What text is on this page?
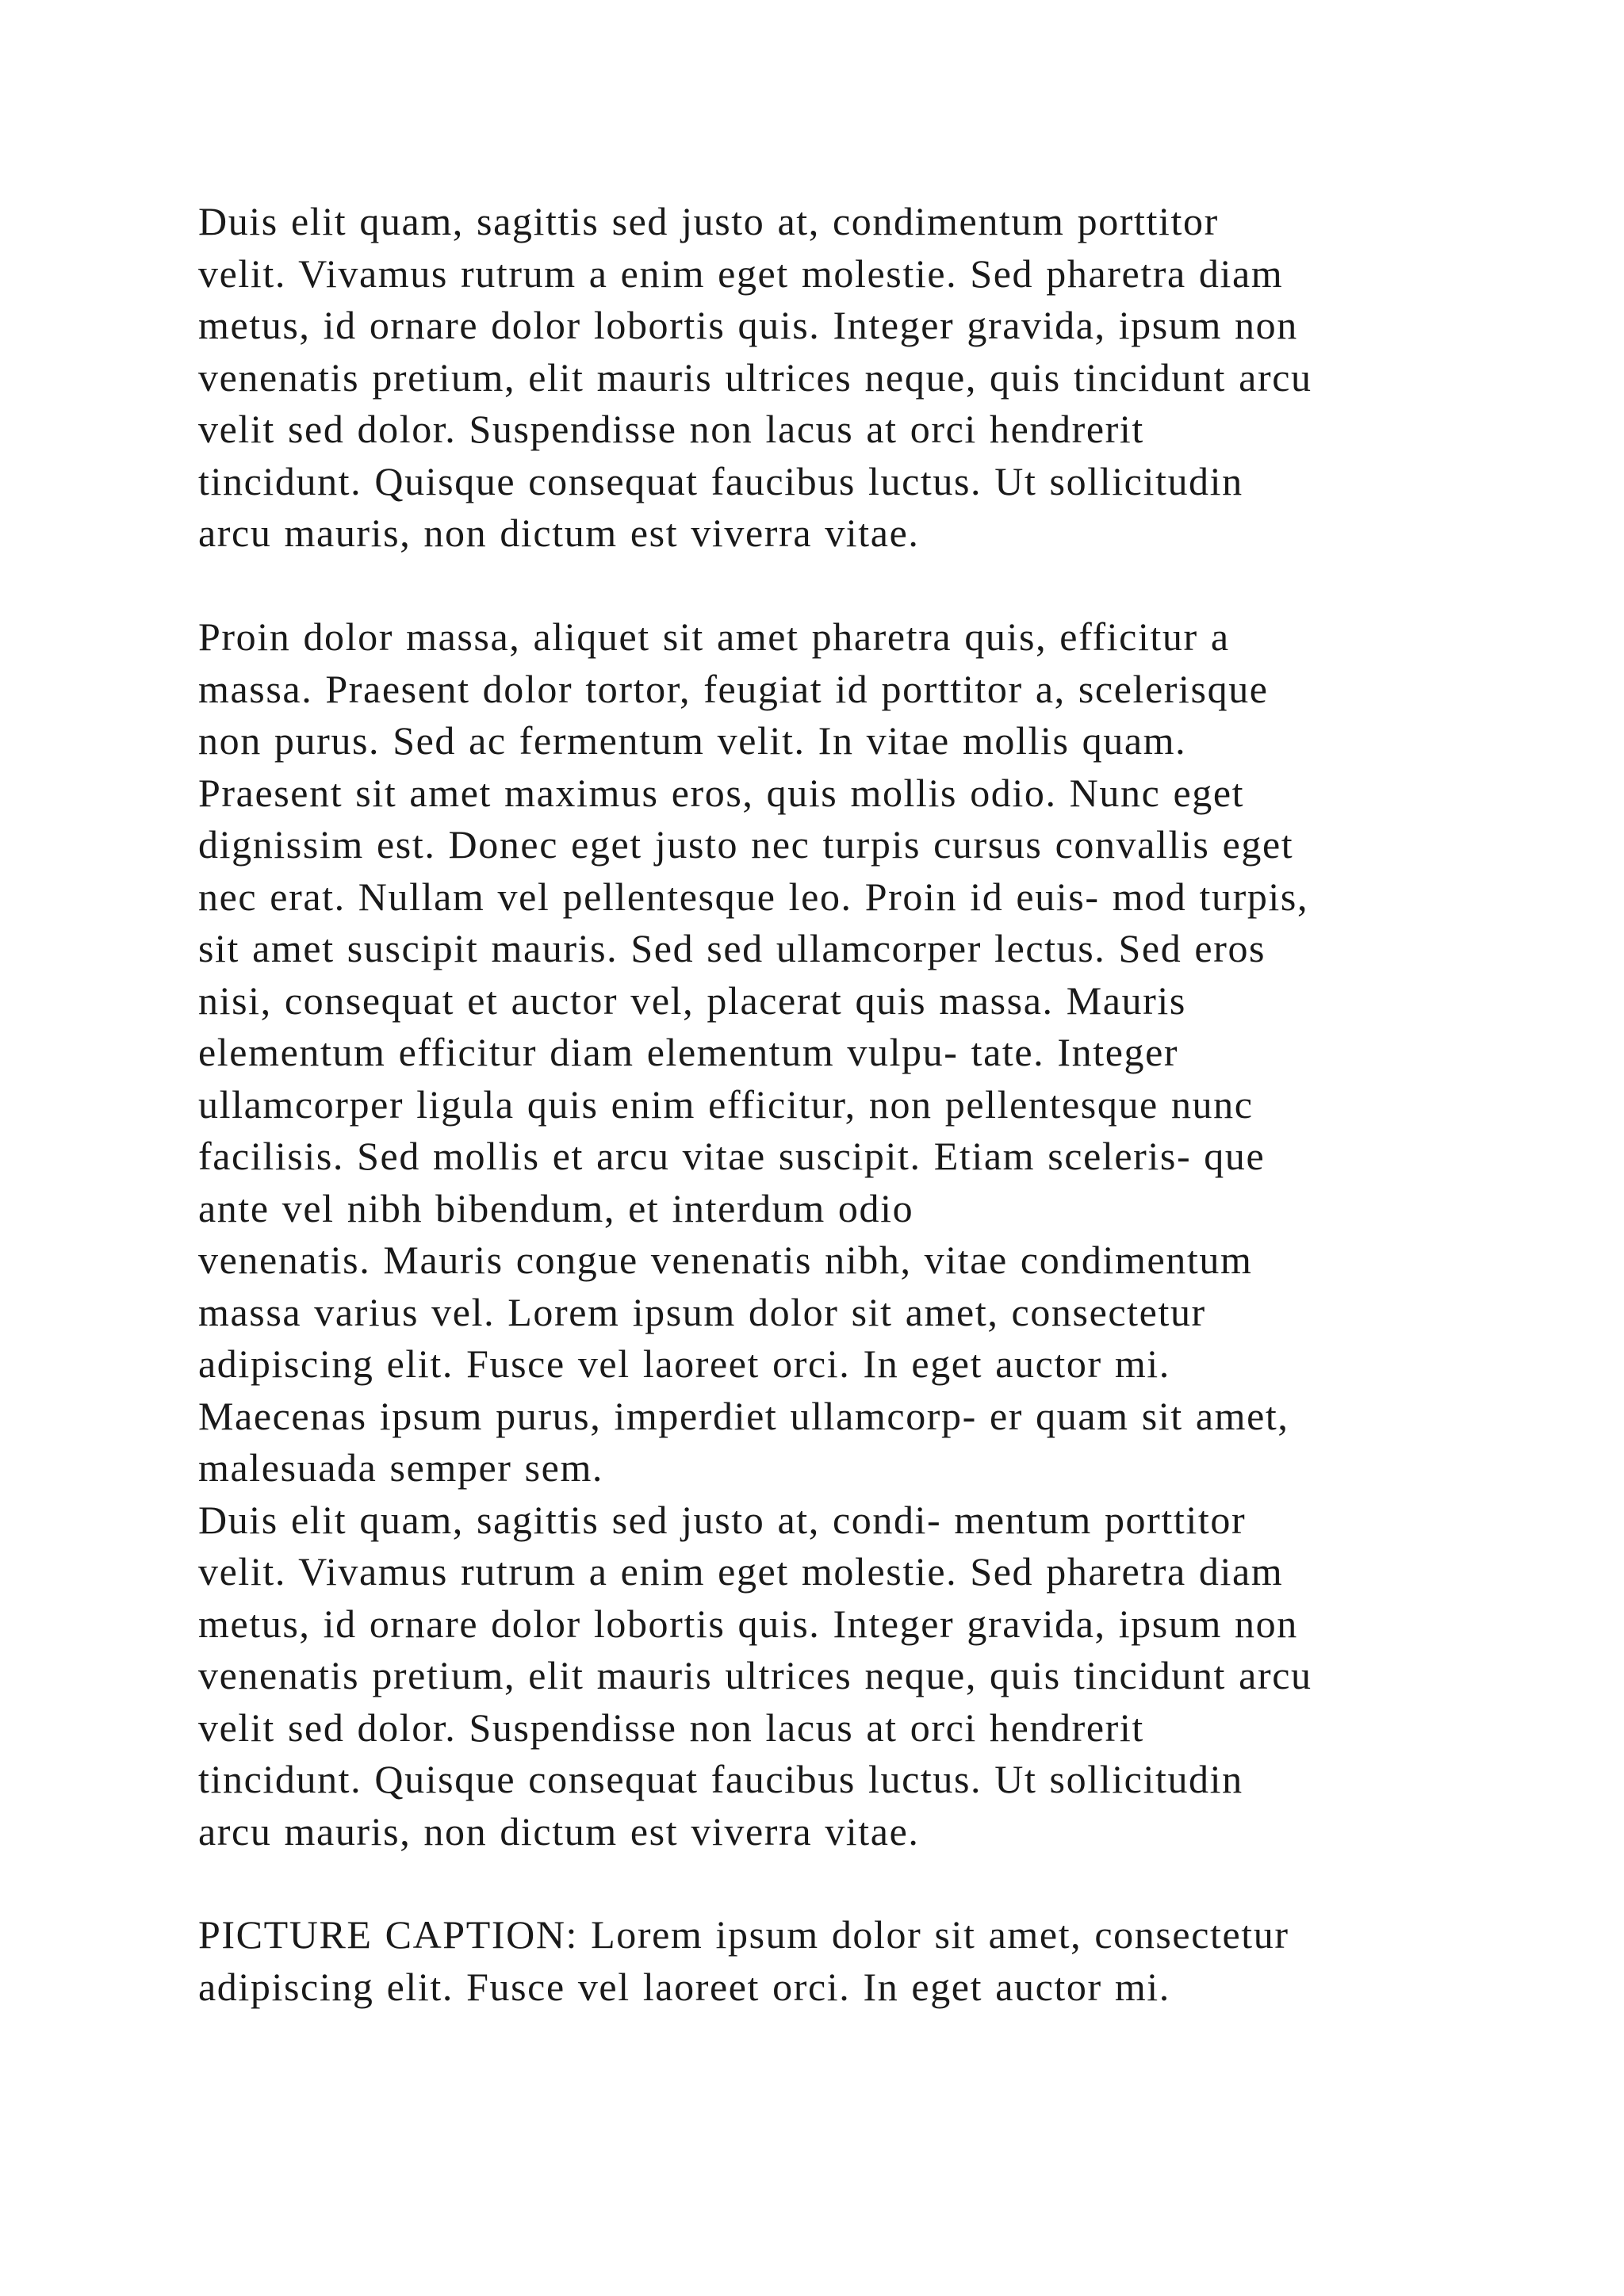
Duis elit quam, sagittis sed justo at, condimentum porttitor
velit. Vivamus rutrum a enim eget molestie. Sed pharetra diam
metus, id ornare dolor lobortis quis. Integer gravida, ipsum non
venenatis pretium, elit mauris ultrices neque, quis tincidunt arcu
velit sed dolor. Suspendisse non lacus at orci hendrerit
tincidunt. Quisque consequat faucibus luctus. Ut sollicitudin
arcu mauris, non dictum est viverra vitae.
Proin dolor massa, aliquet sit amet pharetra quis, efficitur a
massa. Praesent dolor tortor, feugiat id porttitor a, scelerisque
non purus. Sed ac fermentum velit. In vitae mollis quam.
Praesent sit amet maximus eros, quis mollis odio. Nunc eget
dignissim est. Donec eget justo nec turpis cursus convallis eget
nec erat. Nullam vel pellentesque leo. Proin id euis- mod turpis,
sit amet suscipit mauris. Sed sed ullamcorper lectus. Sed eros
nisi, consequat et auctor vel, placerat quis massa. Mauris
elementum efficitur diam elementum vulpu- tate. Integer
ullamcorper ligula quis enim efficitur, non pellentesque nunc
facilisis. Sed mollis et arcu vitae suscipit. Etiam sceleris- que
ante vel nibh bibendum, et interdum odio
venenatis. Mauris congue venenatis nibh, vitae condimentum
massa varius vel. Lorem ipsum dolor sit amet, consectetur
adipiscing elit. Fusce vel laoreet orci. In eget auctor mi.
Maecenas ipsum purus, imperdiet ullamcorp- er quam sit amet,
malesuada semper sem.
Duis elit quam, sagittis sed justo at, condi- mentum porttitor
velit. Vivamus rutrum a enim eget molestie. Sed pharetra diam
metus, id ornare dolor lobortis quis. Integer gravida, ipsum non
venenatis pretium, elit mauris ultrices neque, quis tincidunt arcu
velit sed dolor. Suspendisse non lacus at orci hendrerit
tincidunt. Quisque consequat faucibus luctus. Ut sollicitudin
arcu mauris, non dictum est viverra vitae.
PICTURE CAPTION: Lorem ipsum dolor sit amet, consectetur
adipiscing elit. Fusce vel laoreet orci. In eget auctor mi.
